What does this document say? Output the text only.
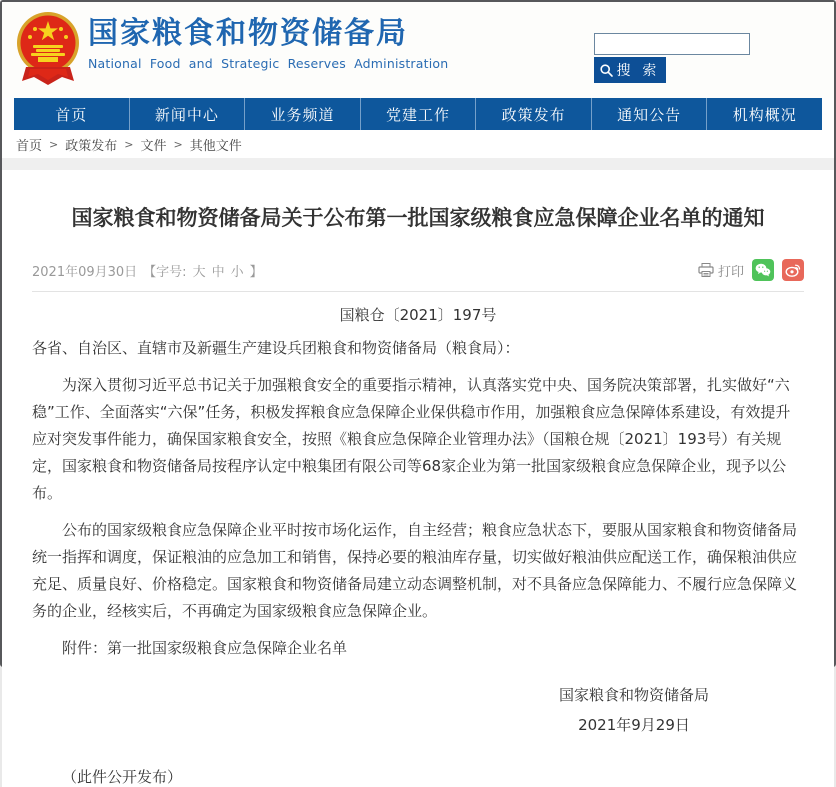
国家粮食和物资储备局
National Food and Strategic Reserves Administration	搜 索
首页	新闻中心	业务频道	党建工作	政策发布	通知公告	机构概况
首页 > 政策发布 > 文件 > 其他文件
国家粮食和物资储备局关于公布第一批国家级粮食应急保障企业名单的通知
2021年09月30日 【字号: 大 中 小 】	打印
国粮仓〔2021〕197号

各省、自治区、直辖市及新疆生产建设兵团粮食和物资储备局（粮食局）：

为深入贯彻习近平总书记关于加强粮食安全的重要指示精神，认真落实党中央、国务院决策部署，扎实做好“六稳”工作、全面落实“六保”任务，积极发挥粮食应急保障企业保供稳市作用，加强粮食应急保障体系建设，有效提升应对突发事件能力，确保国家粮食安全，按照《粮食应急保障企业管理办法》（国粮仓规〔2021〕193号）有关规定，国家粮食和物资储备局按程序认定中粮集团有限公司等68家企业为第一批国家级粮食应急保障企业，现予以公布。

公布的国家级粮食应急保障企业平时按市场化运作，自主经营；粮食应急状态下，要服从国家粮食和物资储备局统一指挥和调度，保证粮油的应急加工和销售，保持必要的粮油库存量，切实做好粮油供应配送工作，确保粮油供应充足、质量良好、价格稳定。国家粮食和物资储备局建立动态调整机制，对不具备应急保障能力、不履行应急保障义务的企业，经核实后，不再确定为国家级粮食应急保障企业。

附件：第一批国家级粮食应急保障企业名单

国家粮食和物资储备局
2021年9月29日
（此件公开发布）
